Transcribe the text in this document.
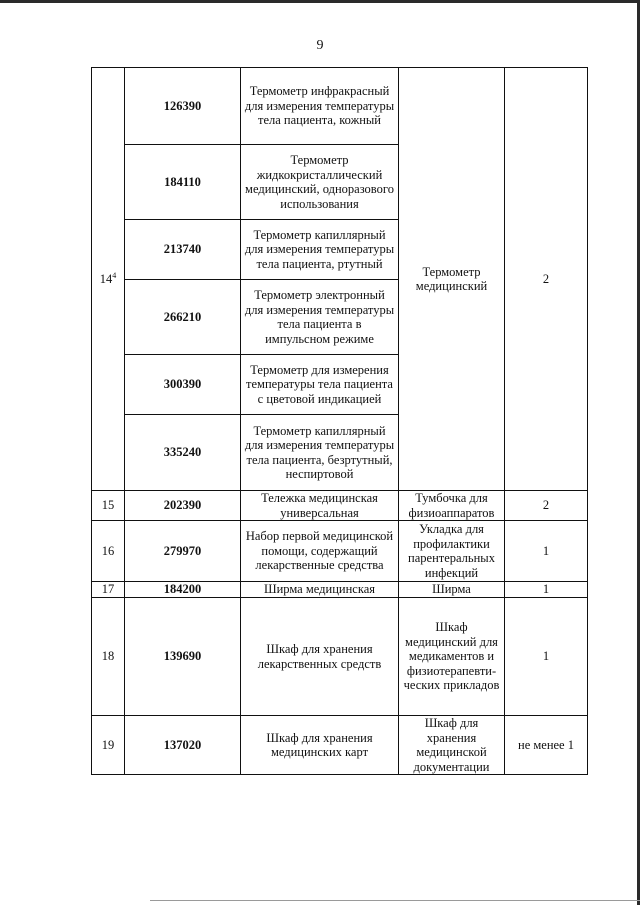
9
$14^4$	126390	Термометр инфракрасный для измерения температуры тела пациента, кожный	Термометр медицинский	2
	184110	Термометр жидкокристаллический медицинский, одноразового использования		
	213740	Термометр капиллярный для измерения температуры тела пациента, ртутный		
	266210	Термометр электронный для измерения температуры тела пациента в импульсном режиме		
	300390	Термометр для измерения температуры тела пациента с цветовой индикацией		
	335240	Термометр капиллярный для измерения температуры тела пациента, безртутный, неспиртовой		
15	202390	Тележка медицинская универсальная	Тумбочка для физиоаппаратов	2
16	279970	Набор первой медицинской помощи, содержащий лекарственные средства	Укладка для профилактики парентеральных инфекций	1
17	184200	Ширма медицинская	Ширма	1
18	139690	Шкаф для хранения лекарственных средств	Шкаф медицинский для медикаментов и физиотерапевти-ческих прикладов	1
19	137020	Шкаф для хранения медицинских карт	Шкаф для хранения медицинской документации	не менее 1
